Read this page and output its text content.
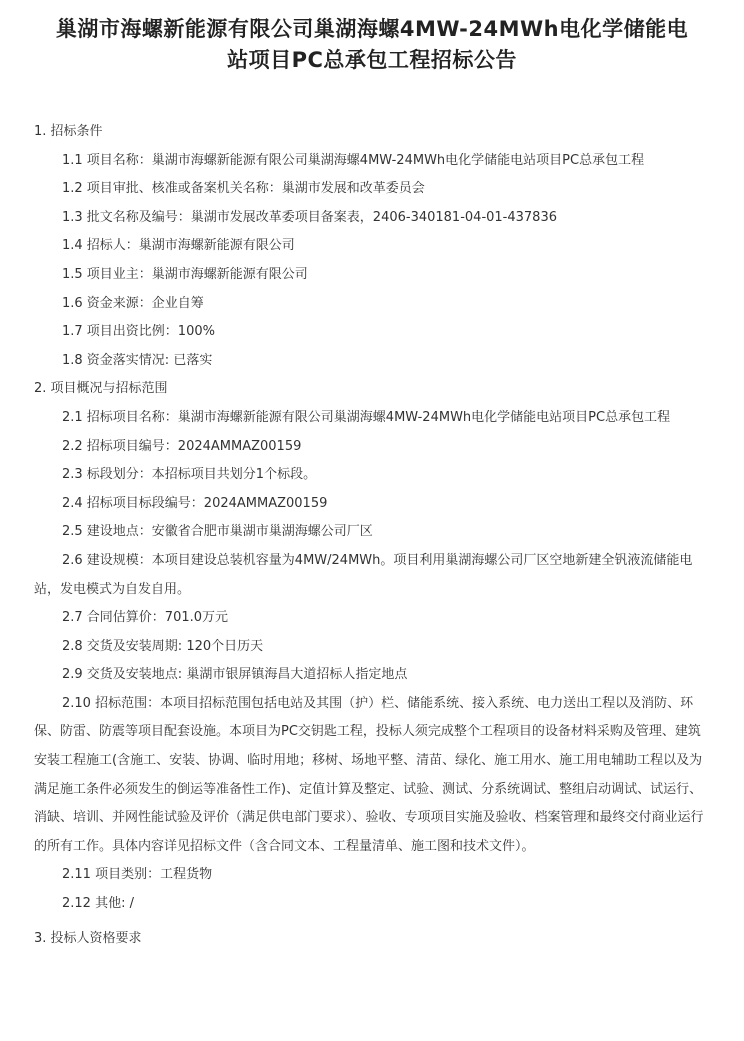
巢湖市海螺新能源有限公司巢湖海螺4MW-24MWh电化学储能电
站项目PC总承包工程招标公告

1. 招标条件

1.1 项目名称：巢湖市海螺新能源有限公司巢湖海螺4MW-24MWh电化学储能电站项目PC总承包工程

1.2 项目审批、核准或备案机关名称：巢湖市发展和改革委员会

1.3 批文名称及编号：巢湖市发展改革委项目备案表，2406-340181-04-01-437836

1.4 招标人：巢湖市海螺新能源有限公司

1.5 项目业主：巢湖市海螺新能源有限公司

1.6 资金来源：企业自筹

1.7 项目出资比例：100%

1.8 资金落实情况: 已落实

2. 项目概况与招标范围

2.1 招标项目名称：巢湖市海螺新能源有限公司巢湖海螺4MW-24MWh电化学储能电站项目PC总承包工程

2.2 招标项目编号：2024AMMAZ00159

2.3 标段划分：本招标项目共划分1个标段。

2.4 招标项目标段编号：2024AMMAZ00159

2.5 建设地点：安徽省合肥市巢湖市巢湖海螺公司厂区

2.6 建设规模：本项目建设总装机容量为4MW/24MWh。项目利用巢湖海螺公司厂区空地新建全钒液流储能电站，发电模式为自发自用。

2.7 合同估算价：701.0万元

2.8 交货及安装周期: 120个日历天

2.9 交货及安装地点: 巢湖市银屏镇海昌大道招标人指定地点

2.10 招标范围：本项目招标范围包括电站及其围（护）栏、储能系统、接入系统、电力送出工程以及消防、环保、防雷、防震等项目配套设施。本项目为PC交钥匙工程，投标人须完成整个工程项目的设备材料采购及管理、建筑安装工程施工(含施工、安装、协调、临时用地；移树、场地平整、清苗、绿化、施工用水、施工用电辅助工程以及为满足施工条件必须发生的倒运等准备性工作)、定值计算及整定、试验、测试、分系统调试、整组启动调试、试运行、消缺、培训、并网性能试验及评价（满足供电部门要求）、验收、专项项目实施及验收、档案管理和最终交付商业运行的所有工作。具体内容详见招标文件（含合同文本、工程量清单、施工图和技术文件）。

2.11 项目类别：工程货物

2.12 其他: /

3. 投标人资格要求
